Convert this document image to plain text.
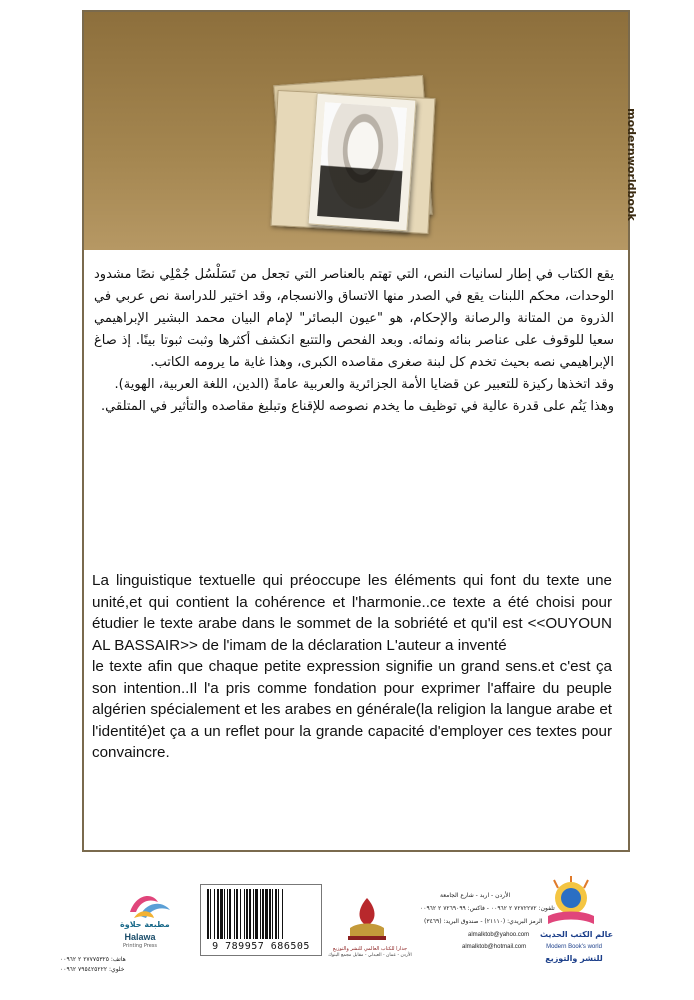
modernworldbook

يقع الكتاب في إطار لسانيات النص، التي تهتم بالعناصر التي تجعل من تَسَلْسُل جُمْلِي نصًا مشدود الوحدات، محكم اللبنات يقع في الصدر منها الاتساق والانسجام، وقد اختير للدراسة نص عربي في الذروة من المتانة والرصانة والإحكام، هو "عيون البصائر" لإمام البيان محمد البشير الإبراهيمي سعيا للوقوف على عناصر بنائه ونمائه. وبعد الفحص والتتبع انكشف أكثرها وثبت ثبوتا بينًا. إذ صاغ الإبراهيمي نصه بحيث تخدم كل لبنة صغرى مقاصده الكبرى، وهذا غاية ما يرومه الكاتب.

وقد اتخذها ركيزة للتعبير عن قضايا الأمة الجزائرية والعربية عامةً (الدين، اللغة العربية، الهوية).

وهذا يَنُم على قدرة عالية في توظيف ما يخدم نصوصه للإقناع وتبليغ مقاصده والتأثير في المتلقي.

La linguistique textuelle qui préoccupe les éléments qui font du texte une unité,et qui contient la cohérence et l'harmonie..ce texte a été choisi pour étudier le texte arabe dans le sommet de la sobriété et qu'il est <<OUYOUN AL BASSAIR>> de l'imam de la déclaration L'auteur a inventé

le texte afin que chaque petite expression signifie un grand sens.et c'est ça son intention..Il l'a pris comme fondation pour exprimer l'affaire du peuple algérien spécialement et les arabes en générale(la religion la langue arabe et l'identité)et ça a un reflet pour la grande capacité d'employer ces textes pour convaincre.

مطبعة حلاوة
Halawa
Printing Press
هاتف: ٢٧٧٧٥٣٢٥ ٢ ٠٠٩٦٢
خلوي: ٧٩٥٤٢٥٢٢٢ ٠٠٩٦٢
9 789957 686505	جدارا للكتاب العالمي للنشر والتوزيع
الأردن - عمان - العبدلي - مقابل مجمع البنوك
الأردن - اربد - شارع الجامعة
تلفون: ٧٢٧٢٢٧٢ ٢ ٠٠٩٦٢ - فاكس: ٧٢٦٩٠٩٩ ٢ ٠٠٩٦٢
الرمز البريدي: (٢١١١٠) - صندوق البريد: (٣٤٦٩)
almalktob@yahoo.com
almalktob@hotmail.com
عالم الكتب الحديث
Modern Book's world
للنشر والتوزيع
